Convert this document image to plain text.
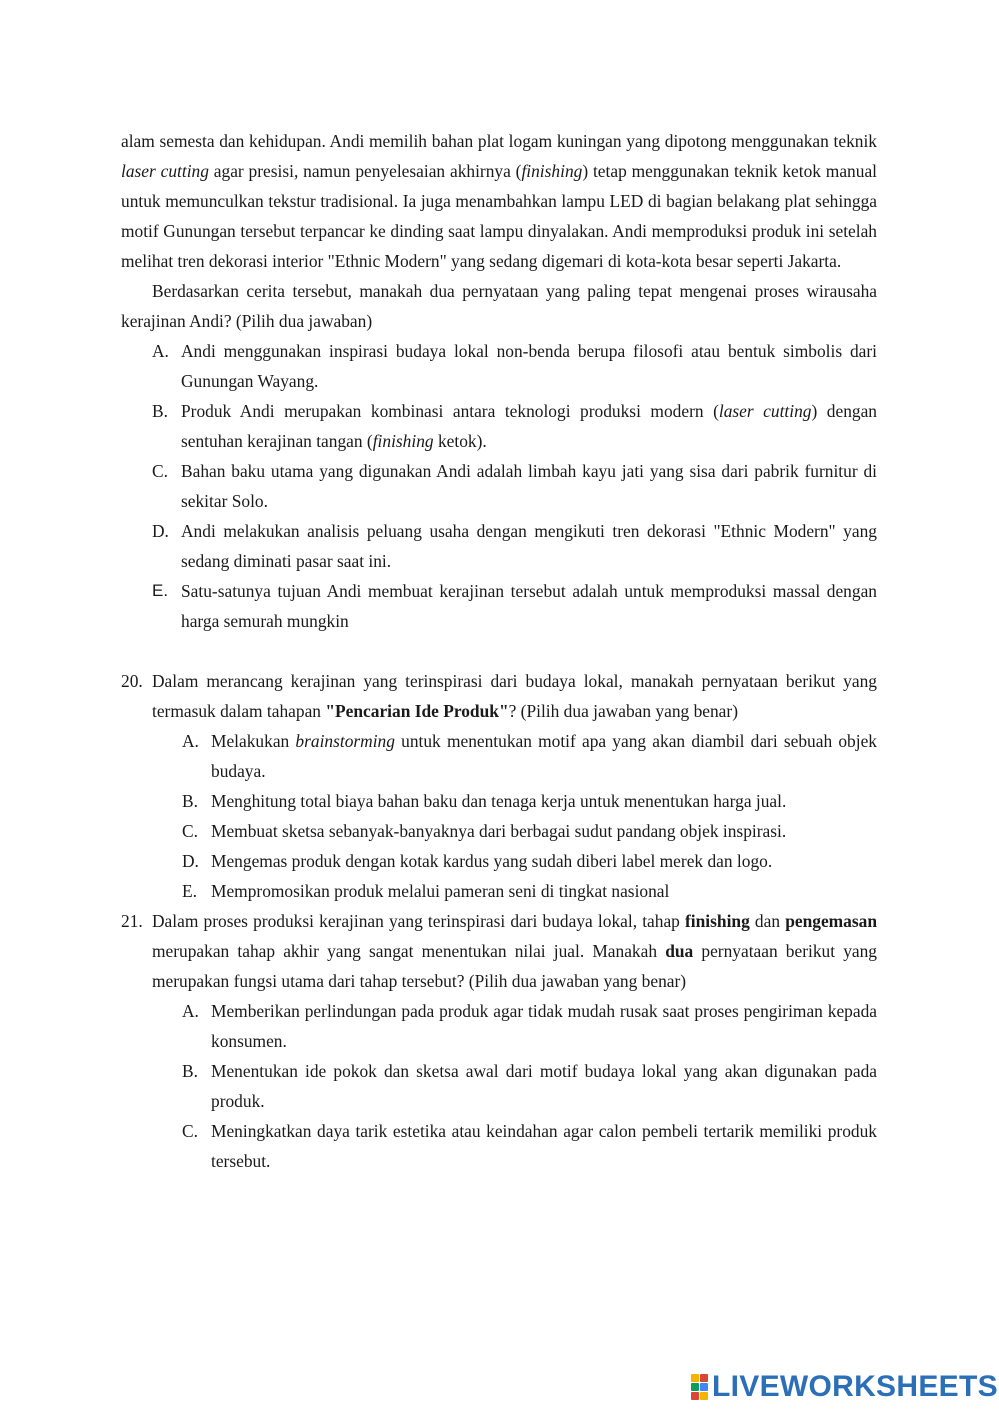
alam semesta dan kehidupan. Andi memilih bahan plat logam kuningan yang dipotong menggunakan teknik laser cutting agar presisi, namun penyelesaian akhirnya (finishing) tetap menggunakan teknik ketok manual untuk memunculkan tekstur tradisional. Ia juga menambahkan lampu LED di bagian belakang plat sehingga motif Gunungan tersebut terpancar ke dinding saat lampu dinyalakan. Andi memproduksi produk ini setelah melihat tren dekorasi interior "Ethnic Modern" yang sedang digemari di kota-kota besar seperti Jakarta.

Berdasarkan cerita tersebut, manakah dua pernyataan yang paling tepat mengenai proses wirausaha kerajinan Andi? (Pilih dua jawaban)

A. Andi menggunakan inspirasi budaya lokal non-benda berupa filosofi atau bentuk simbolis dari Gunungan Wayang.
B. Produk Andi merupakan kombinasi antara teknologi produksi modern (laser cutting) dengan sentuhan kerajinan tangan (finishing ketok).
C. Bahan baku utama yang digunakan Andi adalah limbah kayu jati yang sisa dari pabrik furnitur di sekitar Solo.
D. Andi melakukan analisis peluang usaha dengan mengikuti tren dekorasi "Ethnic Modern" yang sedang diminati pasar saat ini.
E. Satu-satunya tujuan Andi membuat kerajinan tersebut adalah untuk memproduksi massal dengan harga semurah mungkin
20. Dalam merancang kerajinan yang terinspirasi dari budaya lokal, manakah pernyataan berikut yang termasuk dalam tahapan "Pencarian Ide Produk"? (Pilih dua jawaban yang benar)
A. Melakukan brainstorming untuk menentukan motif apa yang akan diambil dari sebuah objek budaya.
B. Menghitung total biaya bahan baku dan tenaga kerja untuk menentukan harga jual.
C. Membuat sketsa sebanyak-banyaknya dari berbagai sudut pandang objek inspirasi.
D. Mengemas produk dengan kotak kardus yang sudah diberi label merek dan logo.
E. Mempromosikan produk melalui pameran seni di tingkat nasional
21. Dalam proses produksi kerajinan yang terinspirasi dari budaya lokal, tahap finishing dan pengemasan merupakan tahap akhir yang sangat menentukan nilai jual. Manakah dua pernyataan berikut yang merupakan fungsi utama dari tahap tersebut? (Pilih dua jawaban yang benar)
A. Memberikan perlindungan pada produk agar tidak mudah rusak saat proses pengiriman kepada konsumen.
B. Menentukan ide pokok dan sketsa awal dari motif budaya lokal yang akan digunakan pada produk.
C. Meningkatkan daya tarik estetika atau keindahan agar calon pembeli tertarik memiliki produk tersebut.
LIVEWORKSHEETS
